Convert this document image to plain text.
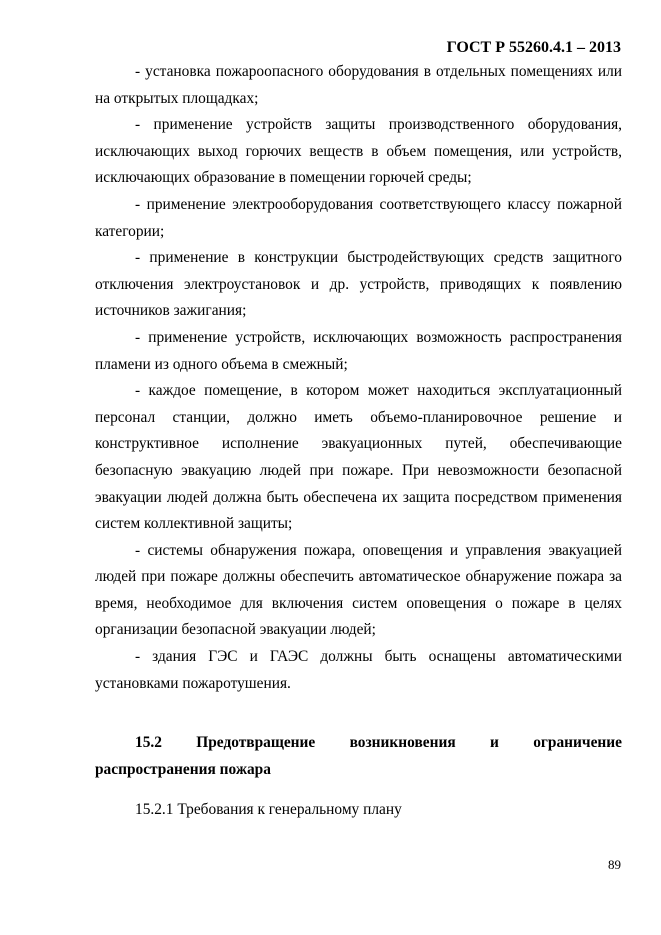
ГОСТ Р 55260.4.1 – 2013

- установка пожароопасного оборудования в отдельных помещениях или на открытых площадках;

- применение устройств защиты производственного оборудования, исключающих выход горючих веществ в объем помещения, или устройств, исключающих образование в помещении горючей среды;

- применение электрооборудования соответствующего классу пожарной категории;

- применение в конструкции быстродействующих средств защитного отключения электроустановок и др. устройств, приводящих к появлению источников зажигания;

- применение устройств, исключающих возможность распространения пламени из одного объема в смежный;

- каждое помещение, в котором может находиться эксплуатационный персонал станции, должно иметь объемо-планировочное решение и конструктивное исполнение эвакуационных путей, обеспечивающие безопасную эвакуацию людей при пожаре. При невозможности безопасной эвакуации людей должна быть обеспечена их защита посредством применения систем коллективной защиты;

- системы обнаружения пожара, оповещения и управления эвакуацией людей при пожаре должны обеспечить автоматическое обнаружение пожара за время, необходимое для включения систем оповещения о пожаре в целях организации безопасной эвакуации людей;

- здания ГЭС и ГАЭС должны быть оснащены автоматическими установками пожаротушения.

15.2 Предотвращение возникновения и ограничение
распространения пожара
15.2.1 Требования к генеральному плану
89
